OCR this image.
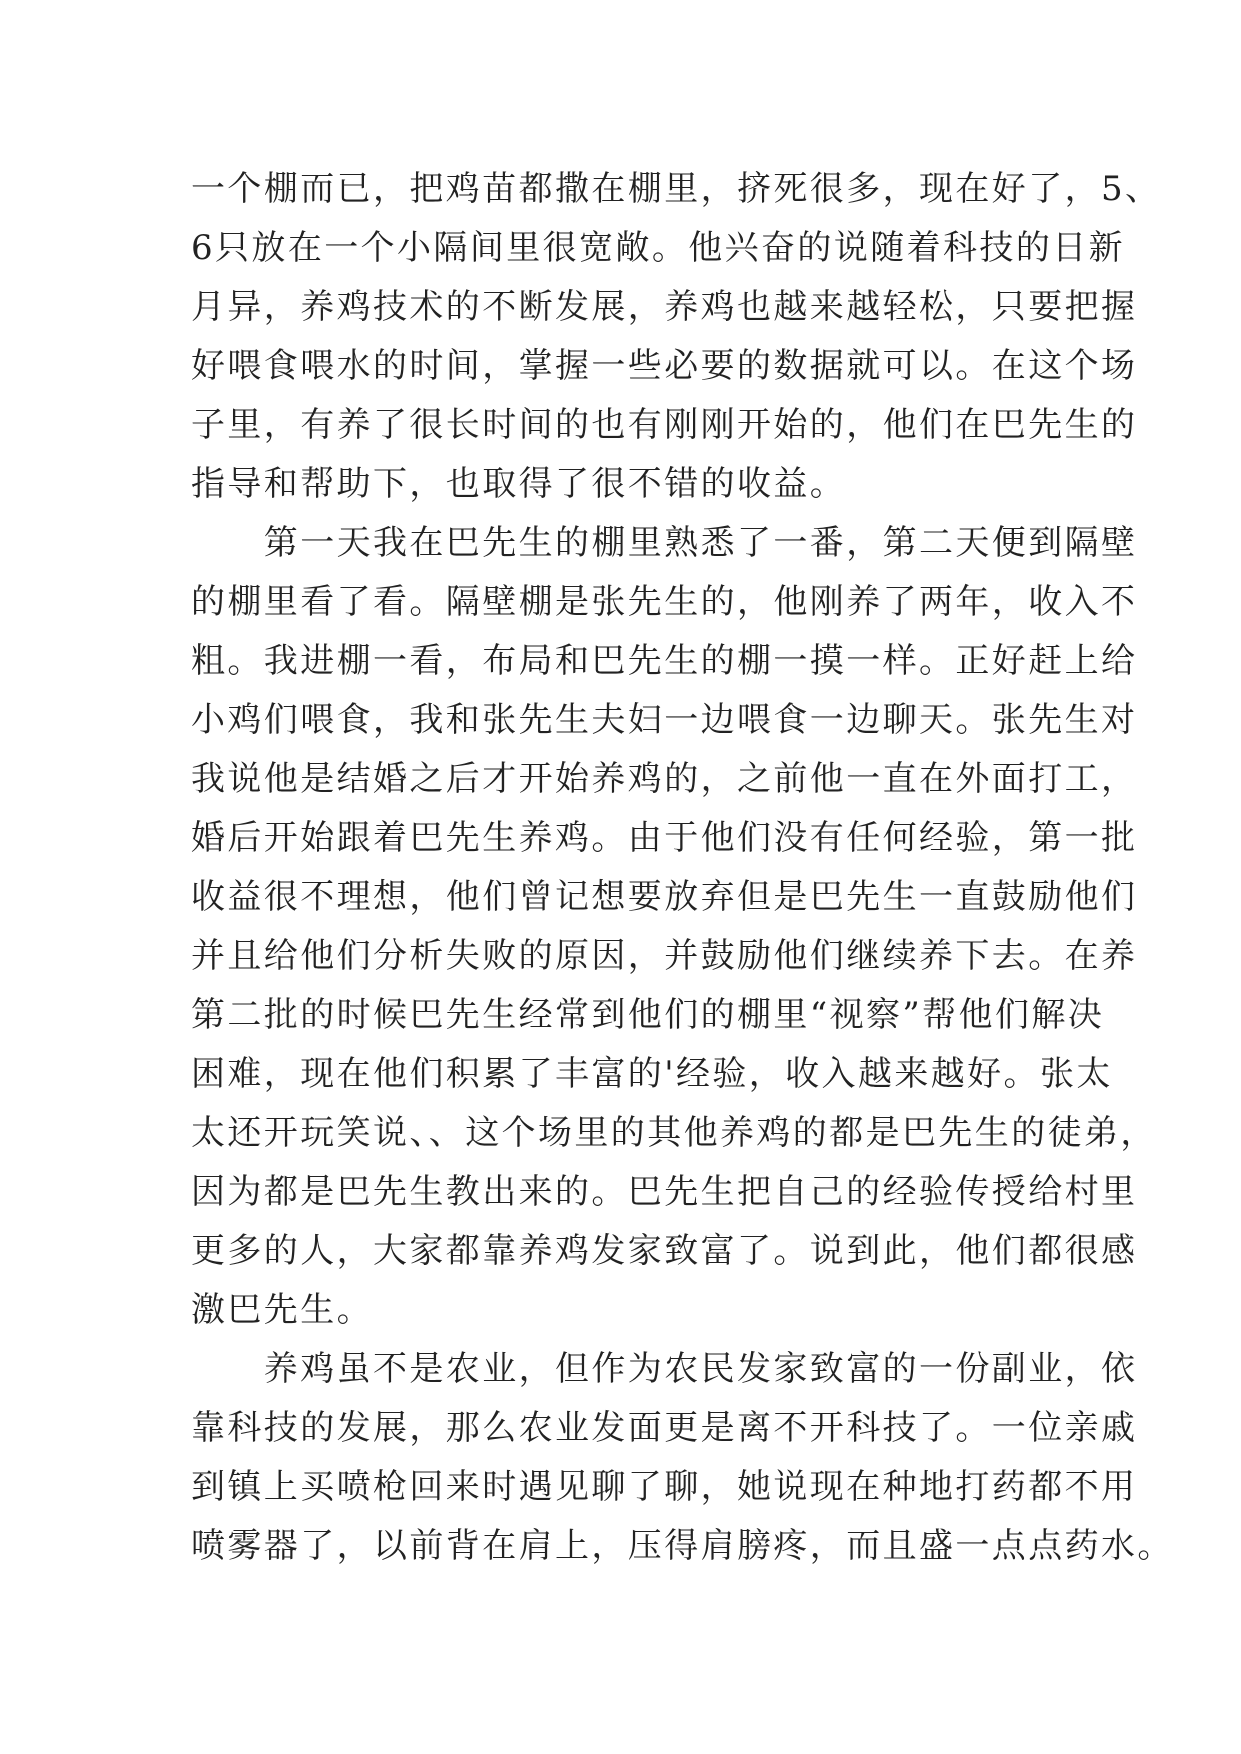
一个棚而已，把鸡苗都撒在棚里，挤死很多，现在好了，5、
6只放在一个小隔间里很宽敞。他兴奋的说随着科技的日新
月异，养鸡技术的不断发展，养鸡也越来越轻松，只要把握
好喂食喂水的时间，掌握一些必要的数据就可以。在这个场
子里，有养了很长时间的也有刚刚开始的，他们在巴先生的
指导和帮助下，也取得了很不错的收益。
　　第一天我在巴先生的棚里熟悉了一番，第二天便到隔壁
的棚里看了看。隔壁棚是张先生的，他刚养了两年，收入不
粗。我进棚一看，布局和巴先生的棚一摸一样。正好赶上给
小鸡们喂食，我和张先生夫妇一边喂食一边聊天。张先生对
我说他是结婚之后才开始养鸡的，之前他一直在外面打工，
婚后开始跟着巴先生养鸡。由于他们没有任何经验，第一批
收益很不理想，他们曾记想要放弃但是巴先生一直鼓励他们
并且给他们分析失败的原因，并鼓励他们继续养下去。在养
第二批的时候巴先生经常到他们的棚里“视察”帮他们解决
困难，现在他们积累了丰富的'经验，收入越来越好。张太
太还开玩笑说、、这个场里的其他养鸡的都是巴先生的徒弟，
因为都是巴先生教出来的。巴先生把自己的经验传授给村里
更多的人，大家都靠养鸡发家致富了。说到此，他们都很感
激巴先生。
　　养鸡虽不是农业，但作为农民发家致富的一份副业，依
靠科技的发展，那么农业发面更是离不开科技了。一位亲戚
到镇上买喷枪回来时遇见聊了聊，她说现在种地打药都不用
喷雾器了，以前背在肩上，压得肩膀疼，而且盛一点点药水。
